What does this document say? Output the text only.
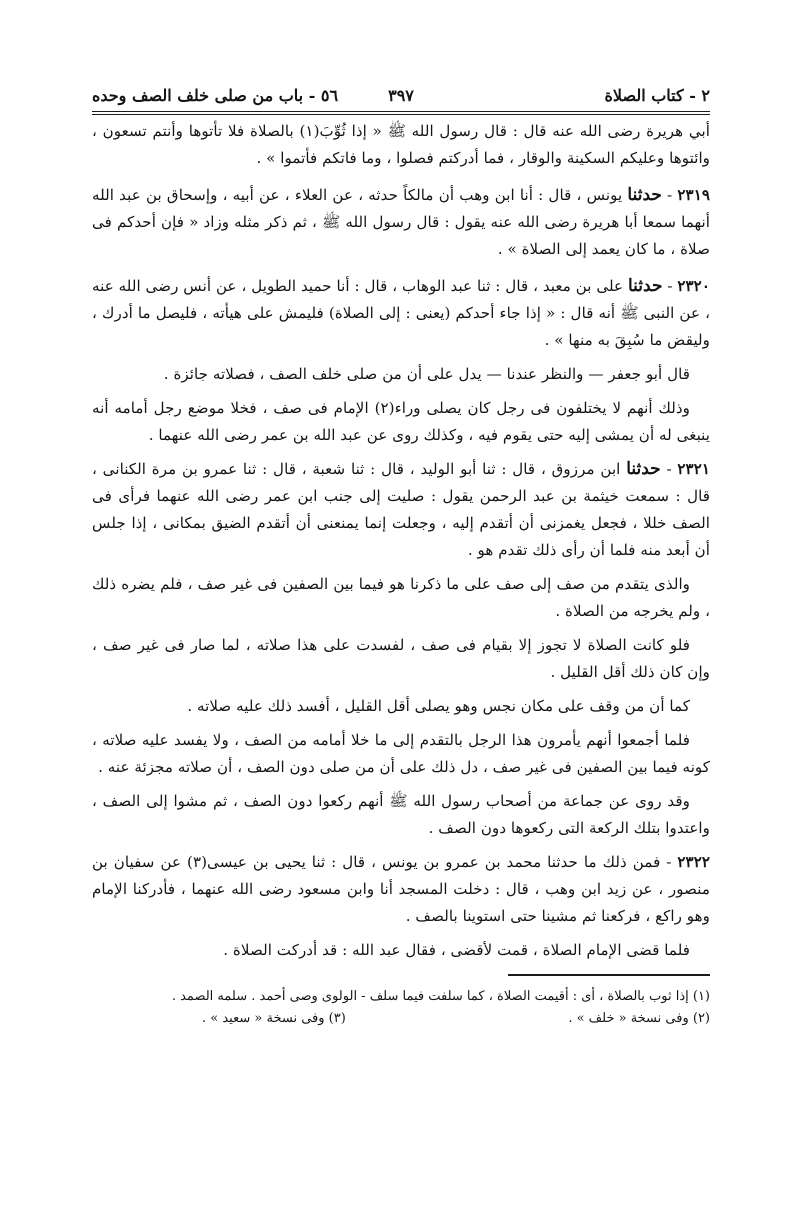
٢ - كتاب الصلاة
٣٩٧
٥٦ - باب من صلى خلف الصف وحده

أبي هريرة رضى الله عنه قال : قال رسول الله ﷺ « إذا ثُوِّبَ(١) بالصلاة فلا تأتوها وأنتم تسعون ، وائتوها وعليكم السكينة والوقار ، فما أدركتم فصلوا ، وما فاتكم فأتموا » .

٢٣١٩ - حدثنا يونس ، قال : أنا ابن وهب أن مالكاً حدثه ، عن العلاء ، عن أبيه ، وإسحاق بن عبد الله أنهما سمعا أبا هريرة رضى الله عنه يقول : قال رسول الله ﷺ ، ثم ذكر مثله وزاد « فإن أحدكم فى صلاة ، ما كان يعمد إلى الصلاة » .

٢٣٢٠ - حدثنا على بن معبد ، قال : ثنا عبد الوهاب ، قال : أنا حميد الطويل ، عن أنس رضى الله عنه ، عن النبى ﷺ أنه قال : « إذا جاء أحدكم (يعنى : إلى الصلاة) فليمش على هيأته ، فليصل ما أدرك ، وليقض ما سُبِقَ به منها » .

قال أبو جعفر — والنظر عندنا — يدل على أن من صلى خلف الصف ، فصلاته جائزة .

وذلك أنهم لا يختلفون فى رجل كان يصلى وراء(٢) الإمام فى صف ، فخلا موضع رجل أمامه أنه ينبغى له أن يمشى إليه حتى يقوم فيه ، وكذلك روى عن عبد الله بن عمر رضى الله عنهما .

٢٣٢١ - حدثنا ابن مرزوق ، قال : ثنا أبو الوليد ، قال : ثنا شعبة ، قال : ثنا عمرو بن مرة الكنانى ، قال : سمعت خيثمة بن عبد الرحمن يقول : صليت إلى جنب ابن عمر رضى الله عنهما فرأى فى الصف خللا ، فجعل يغمزنى أن أتقدم إليه ، وجعلت إنما يمنعنى أن أتقدم الضيق بمكانى ، إذا جلس أن أبعد منه فلما أن رأى ذلك تقدم هو .

والذى يتقدم من صف إلى صف على ما ذكرنا هو فيما بين الصفين فى غير صف ، فلم يضره ذلك ، ولم يخرجه من الصلاة .

فلو كانت الصلاة لا تجوز إلا بقيام فى صف ، لفسدت على هذا صلاته ، لما صار فى غير صف ، وإن كان ذلك أقل القليل .

كما أن من وقف على مكان نجس وهو يصلى أقل القليل ، أفسد ذلك عليه صلاته .

فلما أجمعوا أنهم يأمرون هذا الرجل بالتقدم إلى ما خلا أمامه من الصف ، ولا يفسد عليه صلاته ، كونه فيما بين الصفين فى غير صف ، دل ذلك على أن من صلى دون الصف ، أن صلاته مجزئة عنه .

وقد روى عن جماعة من أصحاب رسول الله ﷺ أنهم ركعوا دون الصف ، ثم مشوا إلى الصف ، واعتدوا بتلك الركعة التى ركعوها دون الصف .

٢٣٢٢ - فمن ذلك ما حدثنا محمد بن عمرو بن يونس ، قال : ثنا يحيى بن عيسى(٣) عن سفيان بن منصور ، عن زيد ابن وهب ، قال : دخلت المسجد أنا وابن مسعود رضى الله عنهما ، فأدركنا الإمام وهو راكع ، فركعنا ثم مشينا حتى استوينا بالصف .

فلما قضى الإمام الصلاة ، قمت لأقضى ، فقال عبد الله : قد أدركت الصلاة .

(١) إذا ثوب بالصلاة ، أى : أقيمت الصلاة ، كما سلفت فيما سلف - الولوى وصى أحمد . سلمه الصمد .

(٢) وفى نسخة « خلف » .
(٣) وفى نسخة « سعيد » .
